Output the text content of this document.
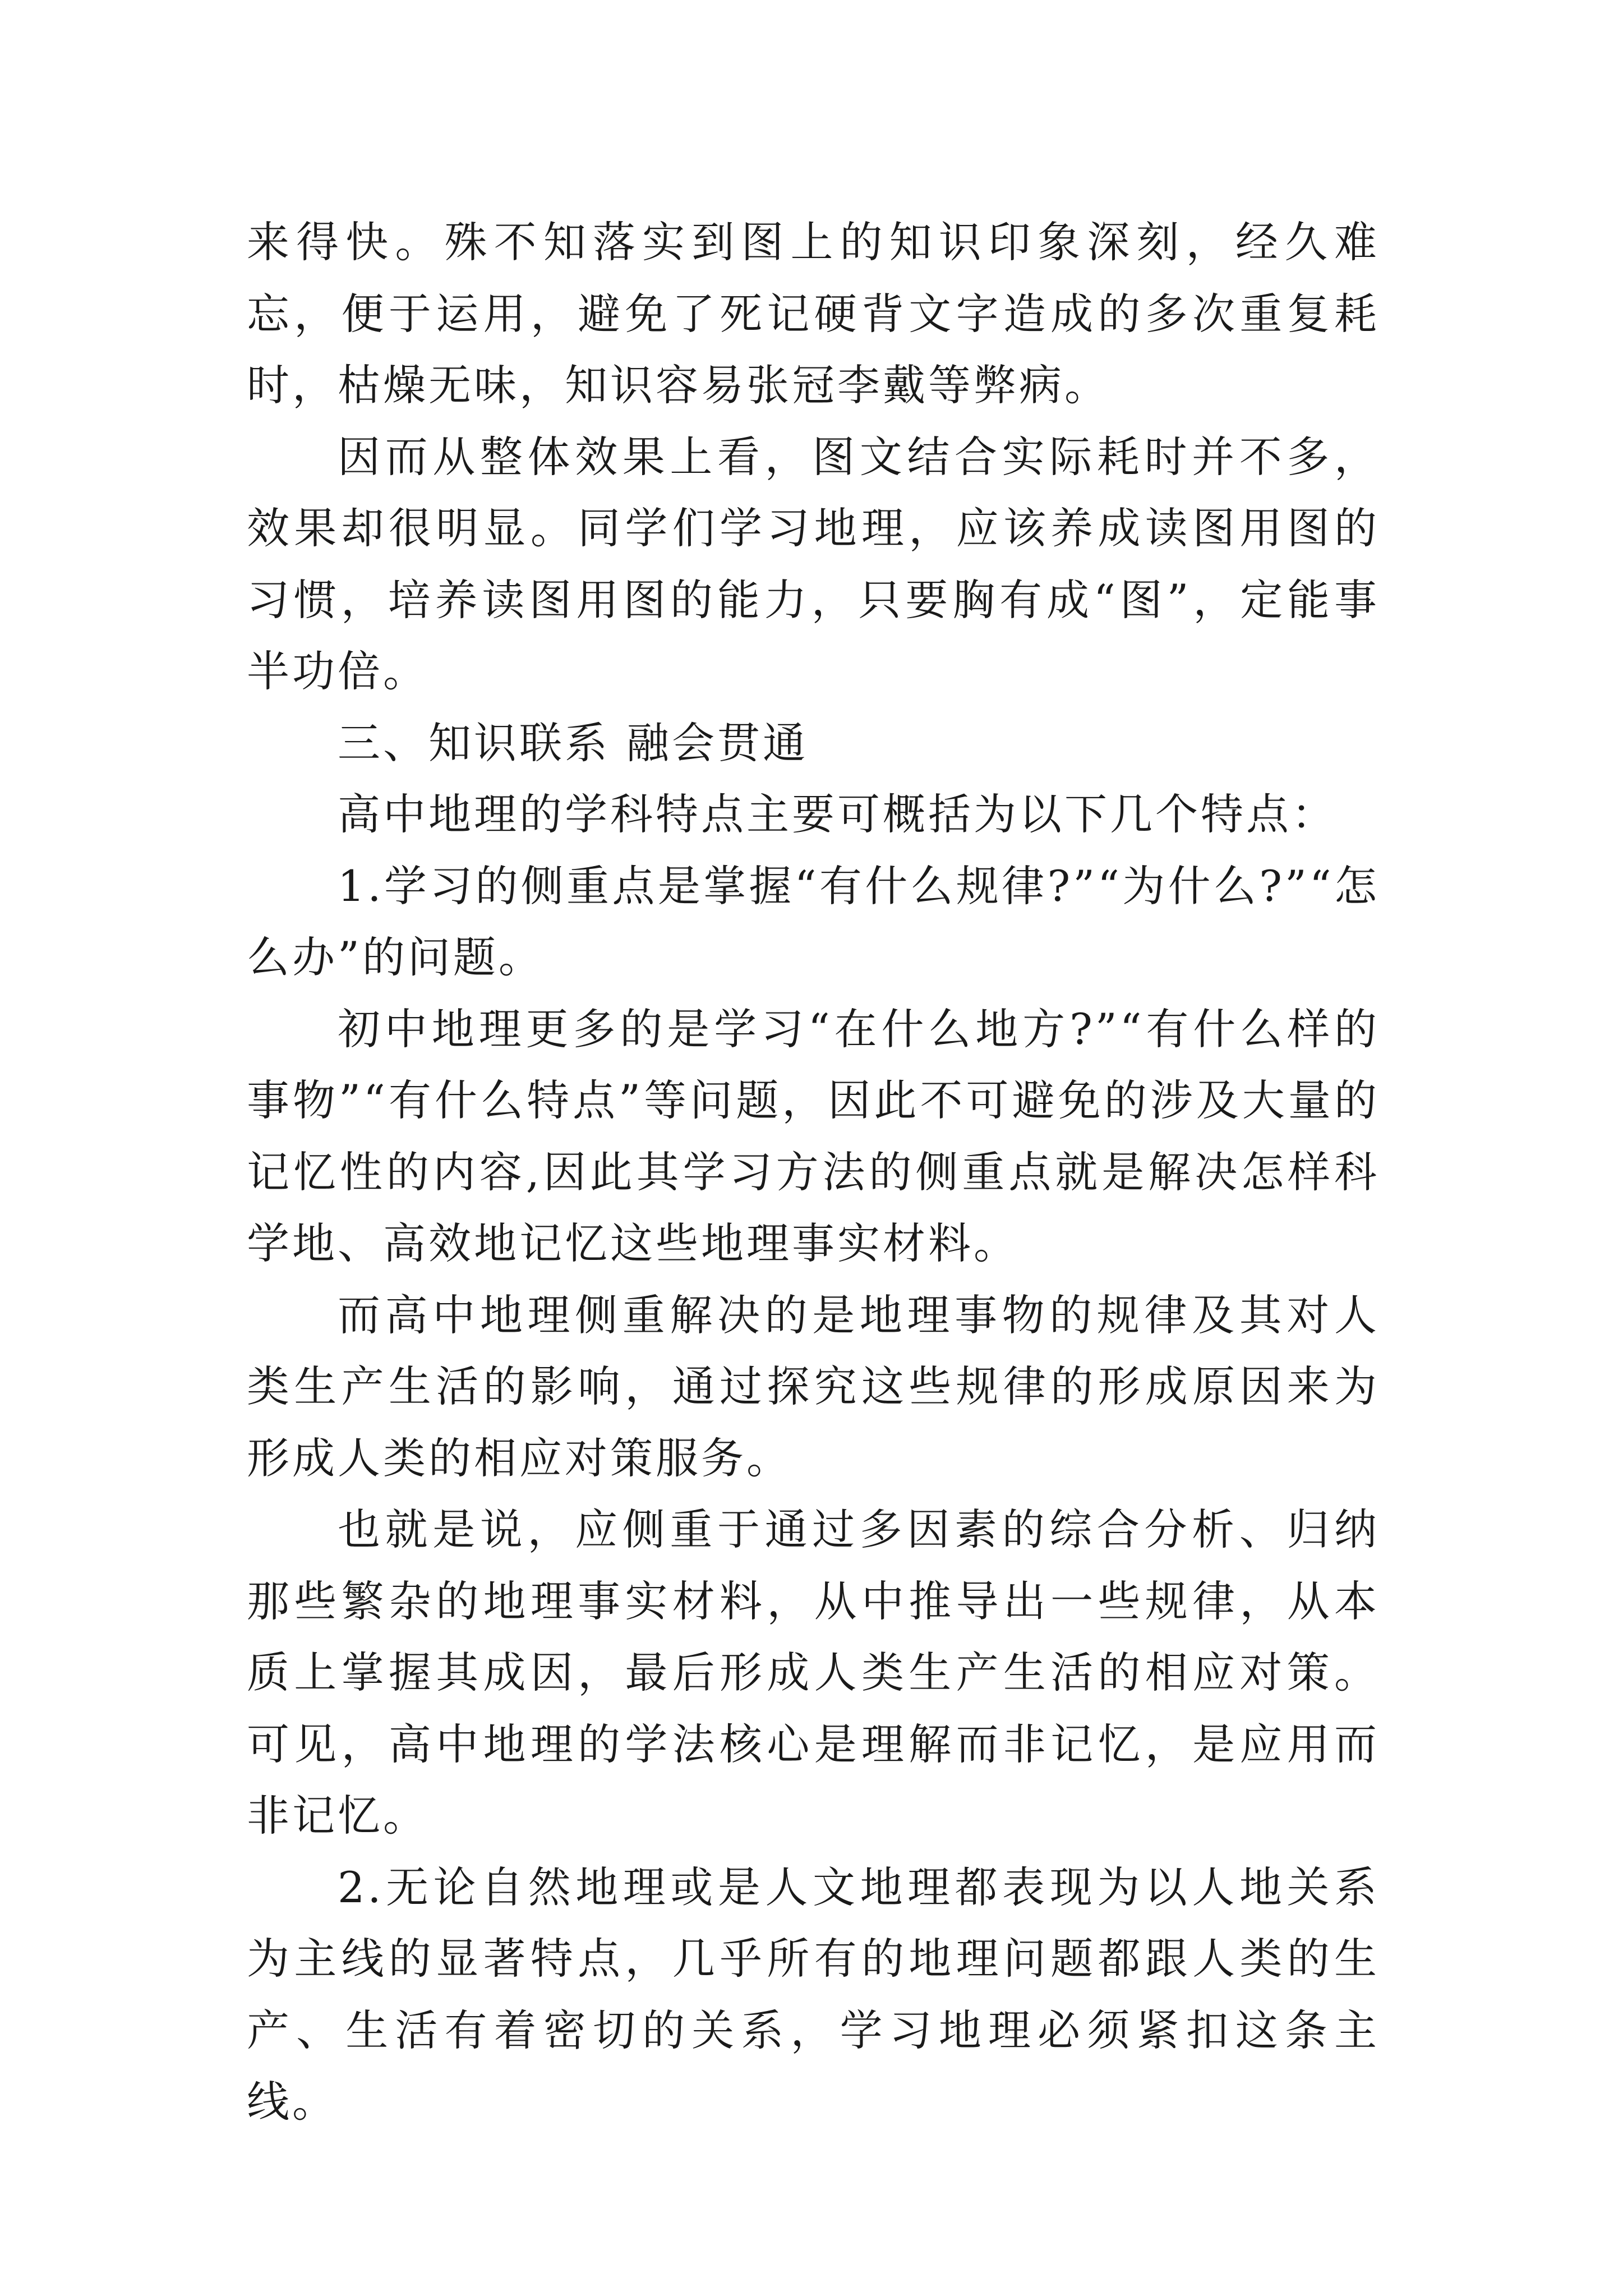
来得快。殊不知落实到图上的知识印象深刻，经久难忘，便于运用，避免了死记硬背文字造成的多次重复耗时，枯燥无味，知识容易张冠李戴等弊病。

因而从整体效果上看，图文结合实际耗时并不多，效果却很明显。同学们学习地理，应该养成读图用图的习惯，培养读图用图的能力，只要胸有成“图”，定能事半功倍。

三、知识联系 融会贯通

高中地理的学科特点主要可概括为以下几个特点：

1.学习的侧重点是掌握“有什么规律?”“为什么?”“怎么办”的问题。

初中地理更多的是学习“在什么地方?”“有什么样的事物”“有什么特点”等问题，因此不可避免的涉及大量的记忆性的内容,因此其学习方法的侧重点就是解决怎样科学地、高效地记忆这些地理事实材料。

而高中地理侧重解决的是地理事物的规律及其对人类生产生活的影响，通过探究这些规律的形成原因来为形成人类的相应对策服务。

也就是说，应侧重于通过多因素的综合分析、归纳那些繁杂的地理事实材料，从中推导出一些规律，从本质上掌握其成因，最后形成人类生产生活的相应对策。可见，高中地理的学法核心是理解而非记忆，是应用而非记忆。

2.无论自然地理或是人文地理都表现为以人地关系为主线的显著特点，几乎所有的地理问题都跟人类的生产、生活有着密切的关系，学习地理必须紧扣这条主线。
